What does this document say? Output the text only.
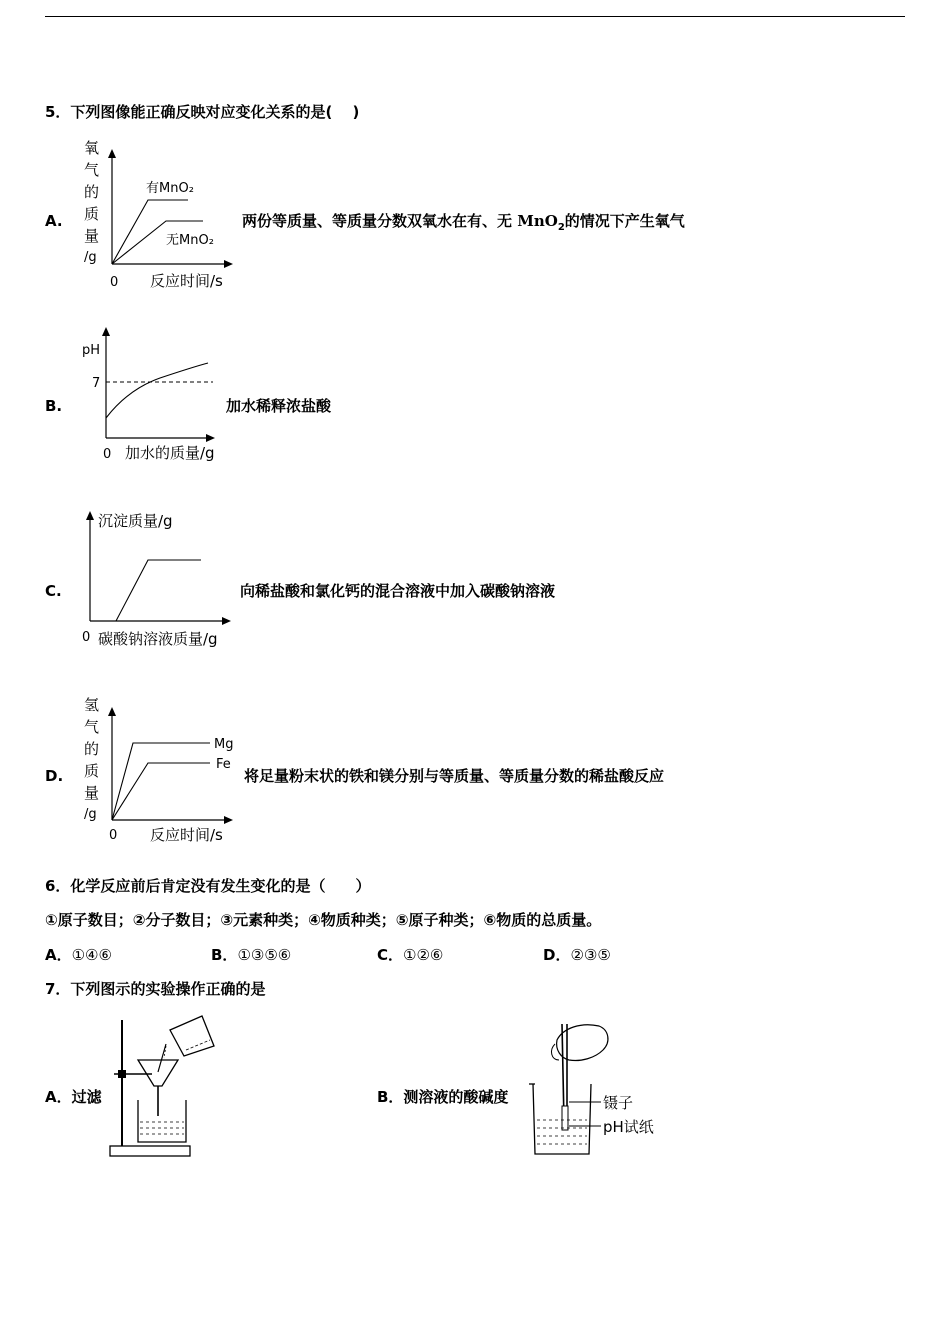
5．下列图像能正确反映对应变化关系的是(　 )
A.	两份等质量、等质量分数双氧水在有、无 MnO$_2$的情况下产生氧气
氧
气
的
质
量
/g
有MnO₂
无MnO₂
0 反应时间/s
B.	加水稀释浓盐酸
pH
7
0 加水的质量/g
C.	向稀盐酸和氯化钙的混合溶液中加入碳酸钠溶液
沉淀质量/g
0 碳酸钠溶液质量/g
D.	将足量粉末状的铁和镁分别与等质量、等质量分数的稀盐酸反应
氢
气
的
质
量
/g
Mg
Fe
0 反应时间/s
6．化学反应前后肯定没有发生变化的是（　　）
①原子数目；②分子数目；③元素种类；④物质种类；⑤原子种类；⑥物质的总质量。
A．①④⑥	B．①③⑤⑥	C．①②⑥	D．②③⑤
7．下列图示的实验操作正确的是
A．过滤	B．测溶液的酸碱度	镊子
pH试纸
